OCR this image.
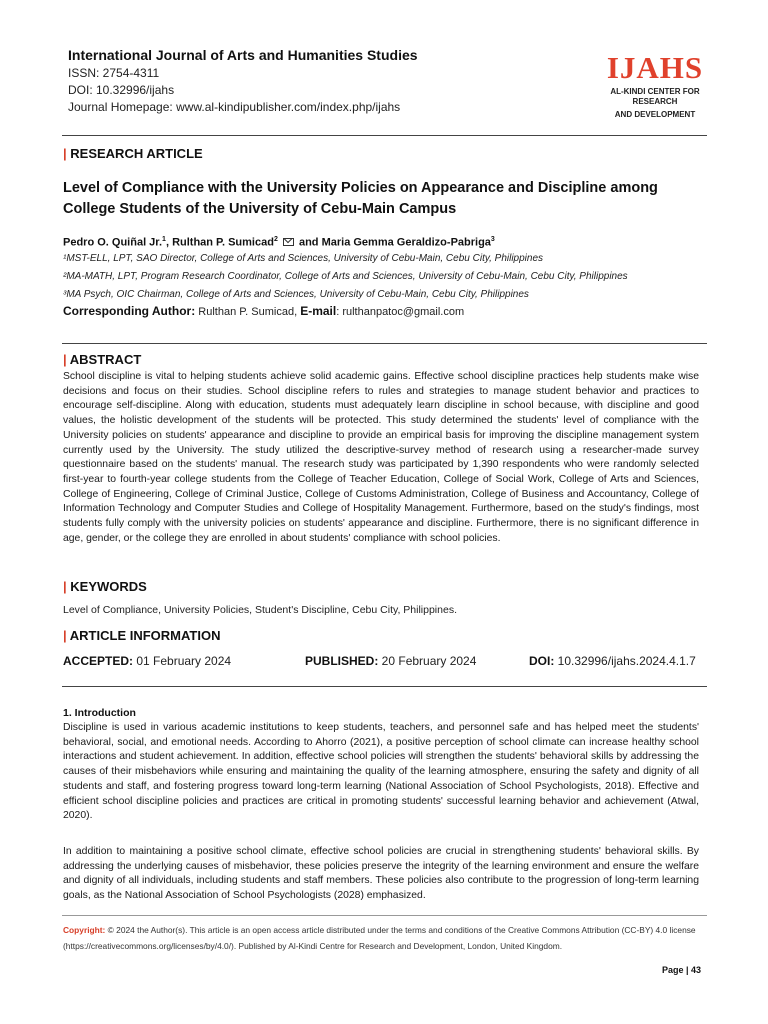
International Journal of Arts and Humanities Studies
ISSN: 2754-4311
DOI: 10.32996/ijahs
Journal Homepage: www.al-kindipublisher.com/index.php/ijahs
IJAHS
AL-KINDI CENTER FOR RESEARCH
AND DEVELOPMENT
| RESEARCH ARTICLE
Level of Compliance with the University Policies on Appearance and Discipline among
College Students of the University of Cebu-Main Campus
Pedro O. Quiñal Jr.$^1$, Rulthan P. Sumicad$^2$  and Maria Gemma Geraldizo-Pabriga$^3$
¹MST-ELL, LPT, SAO Director, College of Arts and Sciences, University of Cebu-Main, Cebu City, Philippines
²MA-MATH, LPT, Program Research Coordinator, College of Arts and Sciences, University of Cebu-Main, Cebu City, Philippines
³MA Psych, OIC Chairman, College of Arts and Sciences, University of Cebu-Main, Cebu City, Philippines
Corresponding Author: Rulthan P. Sumicad, E-mail: rulthanpatoc@gmail.com
| ABSTRACT
School discipline is vital to helping students achieve solid academic gains. Effective school discipline practices help students make wise decisions and focus on their studies. School discipline refers to rules and strategies to manage student behavior and practices to encourage self-discipline. Along with education, students must adequately learn discipline in school because, with discipline and good values, the holistic development of the students will be protected. This study determined the students' level of compliance with the University policies on students' appearance and discipline to provide an empirical basis for improving the discipline management system currently used by the University. The study utilized the descriptive-survey method of research using a researcher-made survey questionnaire based on the students' manual. The research study was participated by 1,390 respondents who were randomly selected first-year to fourth-year college students from the College of Teacher Education, College of Social Work, College of Arts and Sciences, College of Engineering, College of Criminal Justice, College of Customs Administration, College of Business and Accountancy, College of Information Technology and Computer Studies and College of Hospitality Management. Furthermore, based on the study's findings, most students fully comply with the university policies on students' appearance and discipline. Furthermore, there is no significant difference in age, gender, or the college they are enrolled in about students' compliance with school policies.
| KEYWORDS
Level of Compliance, University Policies, Student's Discipline, Cebu City, Philippines.
| ARTICLE INFORMATION
ACCEPTED: 01 February 2024	PUBLISHED: 20 February 2024	DOI: 10.32996/ijahs.2024.4.1.7
1. Introduction
Discipline is used in various academic institutions to keep students, teachers, and personnel safe and has helped meet the students' behavioral, social, and emotional needs. According to Ahorro (2021), a positive perception of school climate can increase healthy school interactions and student achievement. In addition, effective school policies will strengthen the students' behavioral skills by addressing the causes of their misbehaviors while ensuring and maintaining the quality of the learning atmosphere, ensuring the safety and dignity of all students and staff, and fostering progress toward long-term learning (National Association of School Psychologists, 2018). Effective and efficient school discipline policies and practices are critical in promoting students' successful learning behavior and achievement (Atwal, 2020).
In addition to maintaining a positive school climate, effective school policies are crucial in strengthening students' behavioral skills. By addressing the underlying causes of misbehavior, these policies preserve the integrity of the learning environment and ensure the welfare and dignity of all individuals, including students and staff members. These policies also contribute to the progression of long-term learning goals, as the National Association of School Psychologists (2028) emphasized.
Copyright: © 2024 the Author(s). This article is an open access article distributed under the terms and conditions of the Creative Commons Attribution (CC-BY) 4.0 license (https://creativecommons.org/licenses/by/4.0/). Published by Al-Kindi Centre for Research and Development, London, United Kingdom.
Page | 43
